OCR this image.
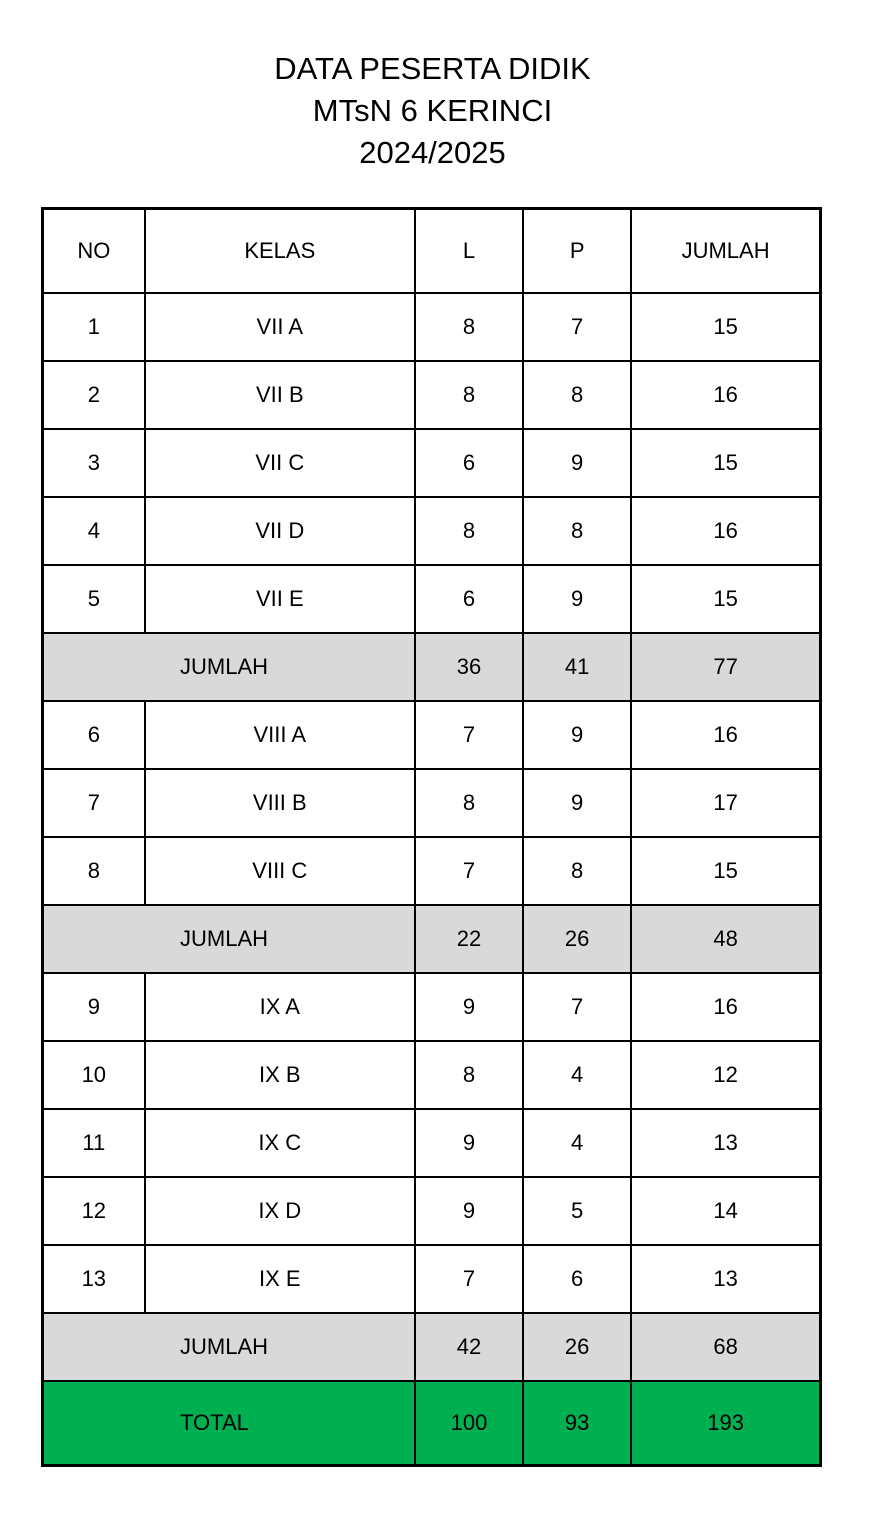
DATA PESERTA DIDIK
MTsN 6 KERINCI
2024/2025
NO	KELAS	L	P	JUMLAH
1	VII A	8	7	15
2	VII B	8	8	16
3	VII C	6	9	15
4	VII D	8	8	16
5	VII E	6	9	15
JUMLAH		36	41	77
6	VIII A	7	9	16
7	VIII B	8	9	17
8	VIII C	7	8	15
JUMLAH		22	26	48
9	IX A	9	7	16
10	IX B	8	4	12
11	IX C	9	4	13
12	IX D	9	5	14
13	IX E	7	6	13
JUMLAH		42	26	68
TOTAL		100	93	193
